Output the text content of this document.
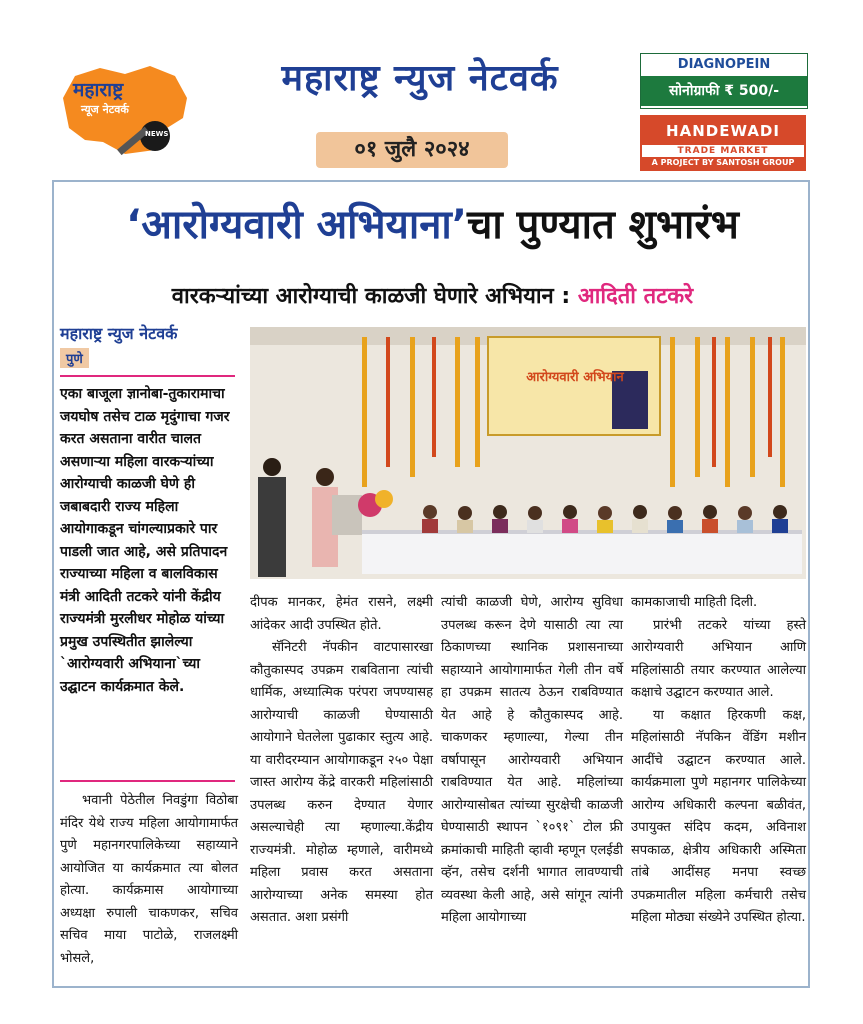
महाराष्ट्र
न्यूज नेटवर्क
NEWS
महाराष्ट्र न्युज नेटवर्क
०१ जुलै २०२४
DIAGNOPEIN
सोनोग्राफी ₹ 500/-
HANDEWADI
TRADE MARKET
A PROJECT BY SANTOSH GROUP
‘आरोग्यवारी अभियाना’चा पुण्यात शुभारंभ
वारकऱ्यांच्या आरोग्याची काळजी घेणारे अभियान : आदिती तटकरे
महाराष्ट्र न्युज नेटवर्क
पुणे
एका बाजूला ज्ञानोबा-तुकारामाचा जयघोष तसेच टाळ मृदुंगाचा गजर करत असताना वारीत चालत असणाऱ्या महिला वारकऱ्यांच्या आरोग्याची काळजी घेणे ही जबाबदारी राज्य महिला आयोगाकडून चांगल्याप्रकारे पार पाडली जात आहे, असे प्रतिपादन राज्याच्या महिला व बालविकास मंत्री आदिती तटकरे यांनी केंद्रीय राज्यमंत्री मुरलीधर मोहोळ यांच्या प्रमुख उपस्थितीत झालेल्या `आरोग्यवारी अभियाना`च्या उद्घाटन कार्यक्रमात केले.
आरोग्यवारी अभियान

भवानी पेठेतील निवडुंगा विठोबा मंदिर येथे राज्य महिला आयोगामार्फत पुणे महानगरपालिकेच्या सहाय्याने आयोजित या कार्यक्रमात त्या बोलत होत्या. कार्यक्रमास आयोगाच्या अध्यक्षा रुपाली चाकणकर, सचिव सचिव माया पाटोळे, राजलक्ष्मी भोसले,

दीपक मानकर, हेमंत रासने, लक्ष्मी आंदेकर आदी उपस्थित होते.

सॅनिटरी नॅपकीन वाटपासारखा कौतुकास्पद उपक्रम राबविताना त्यांची धार्मिक, अध्यात्मिक परंपरा जपण्यासह आरोग्याची काळजी घेण्यासाठी आयोगाने घेतलेला पुढाकार स्तुत्य आहे. या वारीदरम्यान आयोगाकडून २५० पेक्षा जास्त आरोग्य केंद्रे वारकरी महिलांसाठी उपलब्ध करुन देण्यात येणार असल्याचेही त्या म्हणाल्या.केंद्रीय राज्यमंत्री. मोहोळ म्हणाले, वारीमध्ये महिला प्रवास करत असताना आरोग्याच्या अनेक समस्या होत असतात. अशा प्रसंगी

त्यांची काळजी घेणे, आरोग्य सुविधा उपलब्ध करून देणे यासाठी त्या त्या ठिकाणच्या स्थानिक प्रशासनाच्या सहाय्याने आयोगामार्फत गेली तीन वर्षे हा उपक्रम सातत्य ठेऊन राबविण्यात येत आहे हे कौतुकास्पद आहे. चाकणकर म्हणाल्या, गेल्या तीन वर्षापासून आरोग्यवारी अभियान राबविण्यात येत आहे. महिलांच्या आरोग्यासोबत त्यांच्या सुरक्षेची काळजी घेण्यासाठी स्थापन `१०९१` टोल फ्री क्रमांकाची माहिती व्हावी म्हणून एलईडी व्हॅन, तसेच दर्शनी भागात लावण्याची व्यवस्था केली आहे, असे सांगून त्यांनी महिला आयोगाच्या

कामकाजाची माहिती दिली.

प्रारंभी तटकरे यांच्या हस्ते आरोग्यवारी अभियान आणि महिलांसाठी तयार करण्यात आलेल्या कक्षाचे उद्घाटन करण्यात आले.

या कक्षात हिरकणी कक्ष, महिलांसाठी नॅपकिन वेंडिंग मशीन आदींचे उद्घाटन करण्यात आले. कार्यक्रमाला पुणे महानगर पालिकेच्या आरोग्य अधिकारी कल्पना बळीवंत, उपायुक्त संदिप कदम, अविनाश सपकाळ, क्षेत्रीय अधिकारी अस्मिता तांबे आदींसह मनपा स्वच्छ उपक्रमातील महिला कर्मचारी तसेच महिला मोठ्या संख्येने उपस्थित होत्या.
